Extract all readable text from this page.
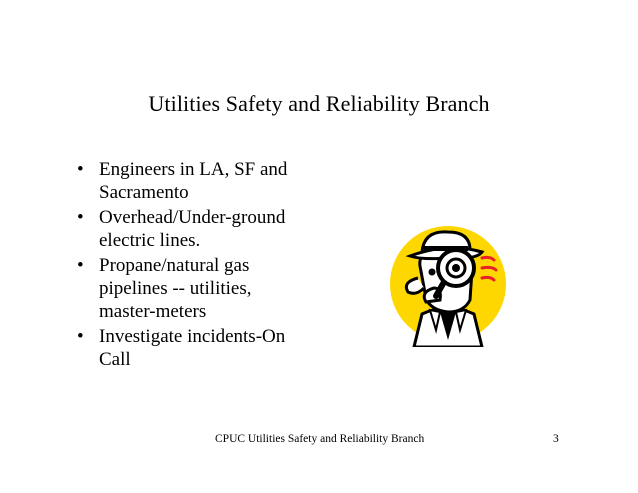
Utilities Safety and Reliability Branch
• Engineers in LA, SF and
Sacramento
• Overhead/Under-ground
electric lines.
• Propane/natural gas
pipelines -- utilities,
master-meters
• Investigate incidents-On
Call
CPUC Utilities Safety and Reliability Branch	3
